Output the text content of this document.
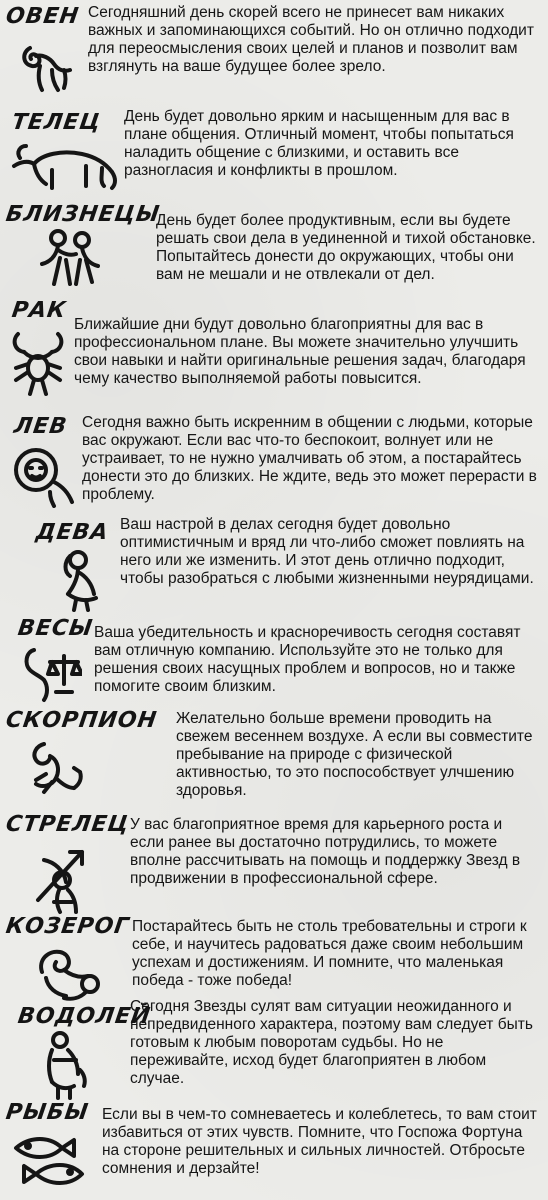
ОВЕН Сегодняшний день скорей всего не принесет вам никаких важных и запоминающихся событий. Но он отлично подходит для переосмысления своих целей и планов и позволит вам взглянуть на ваше будущее более зрело.
ТЕЛЕЦ День будет довольно ярким и насыщенным для вас в плане общения. Отличный момент, чтобы попытаться наладить общение с близкими, и оставить все разногласия и конфликты в прошлом.
БЛИЗНЕЦЫ
День будет более продуктивным, если вы будете решать свои дела в уединенной и тихой обстановке. Попытайтесь донести до окружающих, чтобы они вам не мешали и не отвлекали от дел.
РАК
Ближайшие дни будут довольно благоприятны для вас в профессиональном плане. Вы можете значительно улучшить свои навыки и найти оригинальные решения задач, благодаря чему качество выполняемой работы повысится.
ЛЕВ Сегодня важно быть искренним в общении с людьми, которые вас окружают. Если вас что-то беспокоит, волнует или не устраивает, то не нужно умалчивать об этом, а постарайтесь донести это до близких. Не ждите, ведь это может перерасти в проблему.
ДЕВА Ваш настрой в делах сегодня будет довольно оптимистичным и вряд ли что-либо сможет повлиять на него или же изменить. И этот день отлично подходит, чтобы разобраться с любыми жизненными неурядицами.
ВЕСЫ Ваша убедительность и красноречивость сегодня составят вам отличную компанию. Используйте это не только для решения своих насущных проблем и вопросов, но и также помогите своим близким.
СКОРПИОН Желательно больше времени проводить на свежем весеннем воздухе. А если вы совместите пребывание на природе с физической активностью, то это поспособствует улчшению здоровья.
СТРЕЛЕЦ У вас благоприятное время для карьерного роста и если ранее вы достаточно потрудились, то можете вполне рассчитывать на помощь и поддержку Звезд в продвижении в профессиональной сфере.
КОЗЕРОГ Постарайтесь быть не столь требовательны и строги к себе, и научитесь радоваться даже своим небольшим успехам и достижениям. И помните, что маленькая победа - тоже победа!
ВОДОЛЕЙ
Сегодня Звезды сулят вам ситуации неожиданного и непредвиденного характера, поэтому вам следует быть готовым к любым поворотам судьбы. Но не переживайте, исход будет благоприятен в любом случае.
РЫБЫ Если вы в чем-то сомневаетесь и колеблетесь, то вам стоит избавиться от этих чувств. Помните, что Госпожа Фортуна на стороне решительных и сильных личностей. Отбросьте сомнения и дерзайте!
